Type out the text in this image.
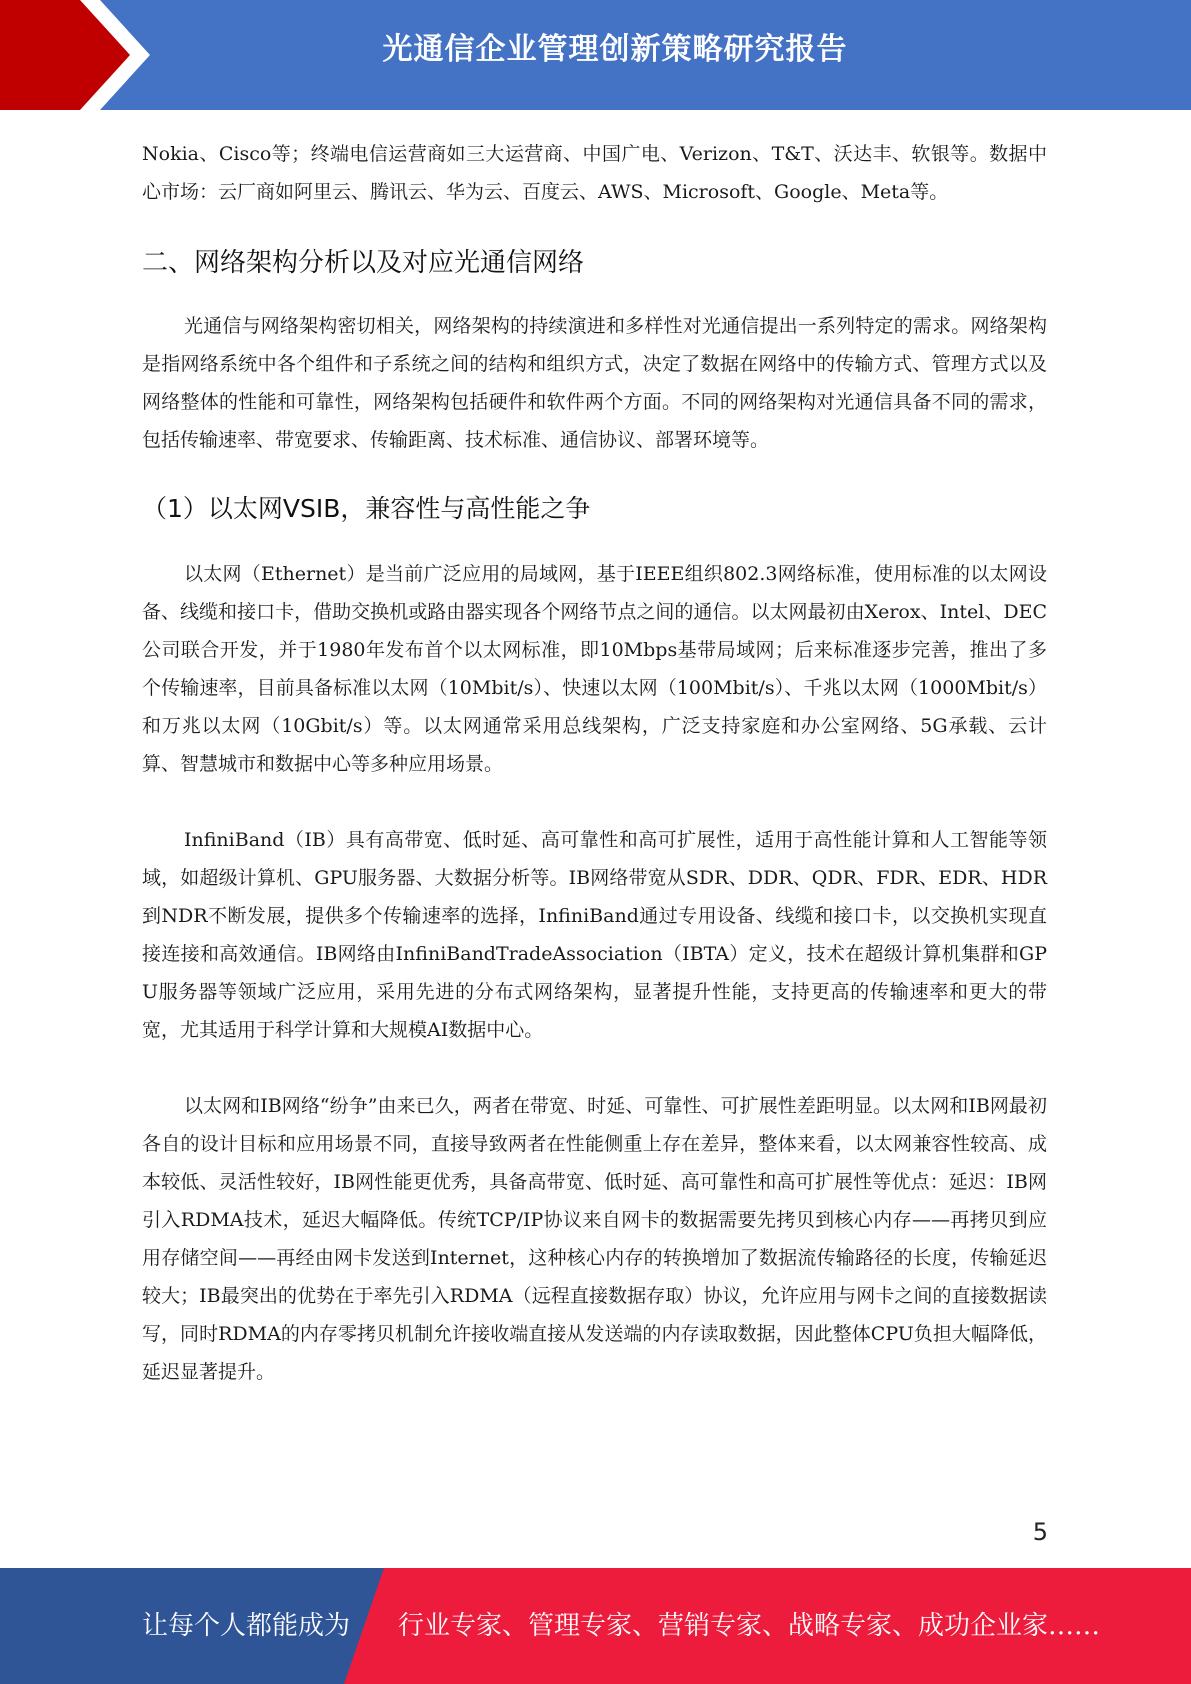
光通信企业管理创新策略研究报告

Nokia、Cisco等；终端电信运营商如三大运营商、中国广电、Verizon、T&T、沃达丰、软银等。数据中心市场：云厂商如阿里云、腾讯云、华为云、百度云、AWS、Microsoft、Google、Meta等。

二、网络架构分析以及对应光通信网络

光通信与网络架构密切相关，网络架构的持续演进和多样性对光通信提出一系列特定的需求。网络架构是指网络系统中各个组件和子系统之间的结构和组织方式，决定了数据在网络中的传输方式、管理方式以及网络整体的性能和可靠性，网络架构包括硬件和软件两个方面。不同的网络架构对光通信具备不同的需求，包括传输速率、带宽要求、传输距离、技术标准、通信协议、部署环境等。

（1）以太网VSIB，兼容性与高性能之争

以太网（Ethernet）是当前广泛应用的局域网，基于IEEE组织802.3网络标准，使用标准的以太网设备、线缆和接口卡，借助交换机或路由器实现各个网络节点之间的通信。以太网最初由Xerox、Intel、DEC公司联合开发，并于1980年发布首个以太网标准，即10Mbps基带局域网；后来标准逐步完善，推出了多个传输速率，目前具备标准以太网（10Mbit/s）、快速以太网（100Mbit/s）、千兆以太网（1000Mbit/s）和万兆以太网（10Gbit/s）等。以太网通常采用总线架构，广泛支持家庭和办公室网络、5G承载、云计算、智慧城市和数据中心等多种应用场景。

InfiniBand（IB）具有高带宽、低时延、高可靠性和高可扩展性，适用于高性能计算和人工智能等领域，如超级计算机、GPU服务器、大数据分析等。IB网络带宽从SDR、DDR、QDR、FDR、EDR、HDR到NDR不断发展，提供多个传输速率的选择，InfiniBand通过专用设备、线缆和接口卡，以交换机实现直接连接和高效通信。IB网络由InfiniBandTradeAssociation（IBTA）定义，技术在超级计算机集群和GPU服务器等领域广泛应用，采用先进的分布式网络架构，显著提升性能，支持更高的传输速率和更大的带宽，尤其适用于科学计算和大规模AI数据中心。

以太网和IB网络“纷争”由来已久，两者在带宽、时延、可靠性、可扩展性差距明显。以太网和IB网最初各自的设计目标和应用场景不同，直接导致两者在性能侧重上存在差异，整体来看，以太网兼容性较高、成本较低、灵活性较好，IB网性能更优秀，具备高带宽、低时延、高可靠性和高可扩展性等优点：延迟：IB网引入RDMA技术，延迟大幅降低。传统TCP/IP协议来自网卡的数据需要先拷贝到核心内存——再拷贝到应用存储空间——再经由网卡发送到Internet，这种核心内存的转换增加了数据流传输路径的长度，传输延迟较大；IB最突出的优势在于率先引入RDMA（远程直接数据存取）协议，允许应用与网卡之间的直接数据读写，同时RDMA的内存零拷贝机制允许接收端直接从发送端的内存读取数据，因此整体CPU负担大幅降低，延迟显著提升。

5
让每个人都能成为 行业专家、管理专家、营销专家、战略专家、成功企业家……
